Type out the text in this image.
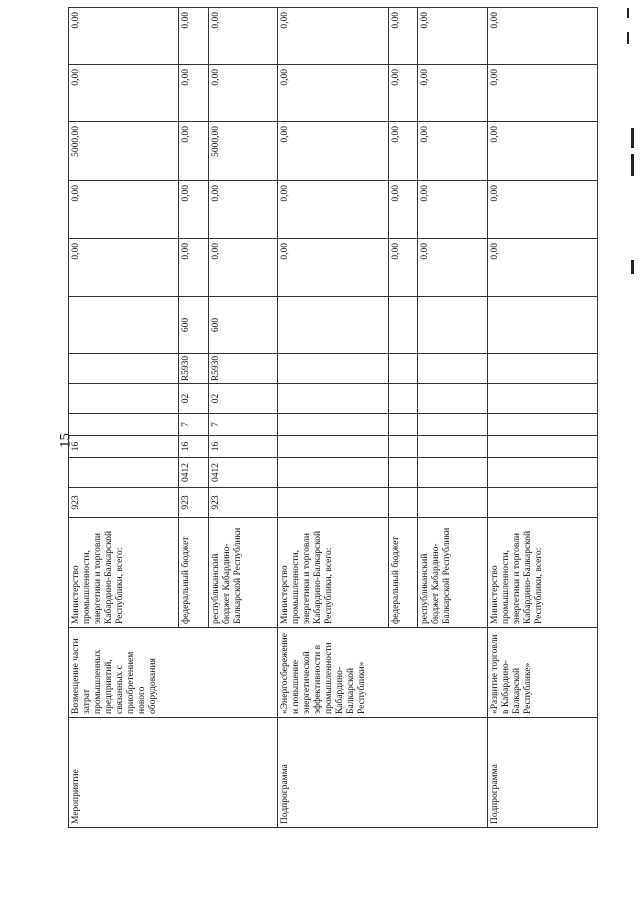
15
Мероприятие	Возмещение части затрат промышленных предприятий, связанных с приобретением нового оборудования	Министерство промышленности, энергетики и торговли Кабардино-Балкарской Республики, всего:	923		16					0,00	0,00	5000,00	0,00	0,00	
		федеральный бюджет	923	0412	16	7	02	R5930	600	0,00	0,00	0,00	0,00	0,00	
		республиканский бюджет Кабардино-Балкарской Республики	923	0412	16	7	02	R5930	600	0,00	0,00	5000,00	0,00	0,00	
Подпрограмма	«Энергосбережение и повышение энергетической эффективности в промышленности Кабардино-Балкарской Республики»	Министерство промышленности, энергетики и торговли Кабардино-Балкарской Республики, всего:								0,00	0,00	0,00	0,00	0,00	
		федеральный бюджет								0,00	0,00	0,00	0,00	0,00	
		республиканский бюджет Кабардино-Балкарской Республики								0,00	0,00	0,00	0,00	0,00	
Подпрограмма	«Развитие торговли в Кабардино-Балкарской Республике»	Министерство промышленности, энергетики и торговли Кабардино-Балкарской Республики, всего:								0,00	0,00	0,00	0,00	0,00	
